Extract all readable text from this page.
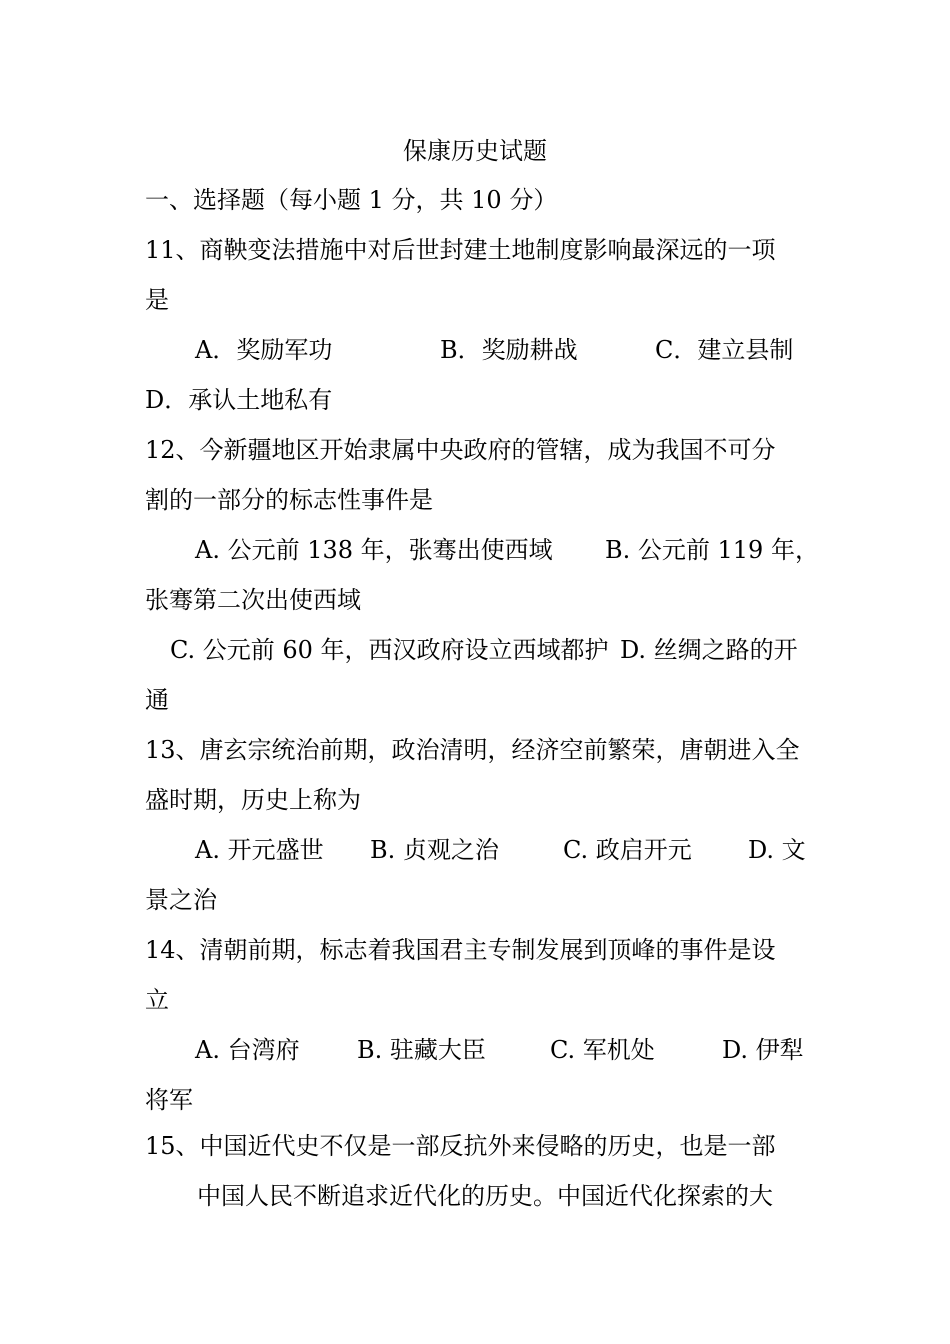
保康历史试题
一、选择题（每小题 1 分，共 10 分）
11、商鞅变法措施中对后世封建土地制度影响最深远的一项
是
A．奖励军功	B．奖励耕战	C．建立县制
D．承认土地私有
12、今新疆地区开始隶属中央政府的管辖，成为我国不可分
割的一部分的标志性事件是
A. 公元前 138 年，张骞出使西域 B. 公元前 119 年，
张骞第二次出使西域
C. 公元前 60 年，西汉政府设立西域都护 D. 丝绸之路的开
通
13、唐玄宗统治前期，政治清明，经济空前繁荣，唐朝进入全
盛时期，历史上称为
A. 开元盛世 B. 贞观之治	C. 政启开元 D. 文
景之治
14、清朝前期，标志着我国君主专制发展到顶峰的事件是设
立
A. 台湾府 B. 驻藏大臣	C. 军机处	D. 伊犁
将军
15、中国近代史不仅是一部反抗外来侵略的历史，也是一部
中国人民不断追求近代化的历史。中国近代化探索的大
